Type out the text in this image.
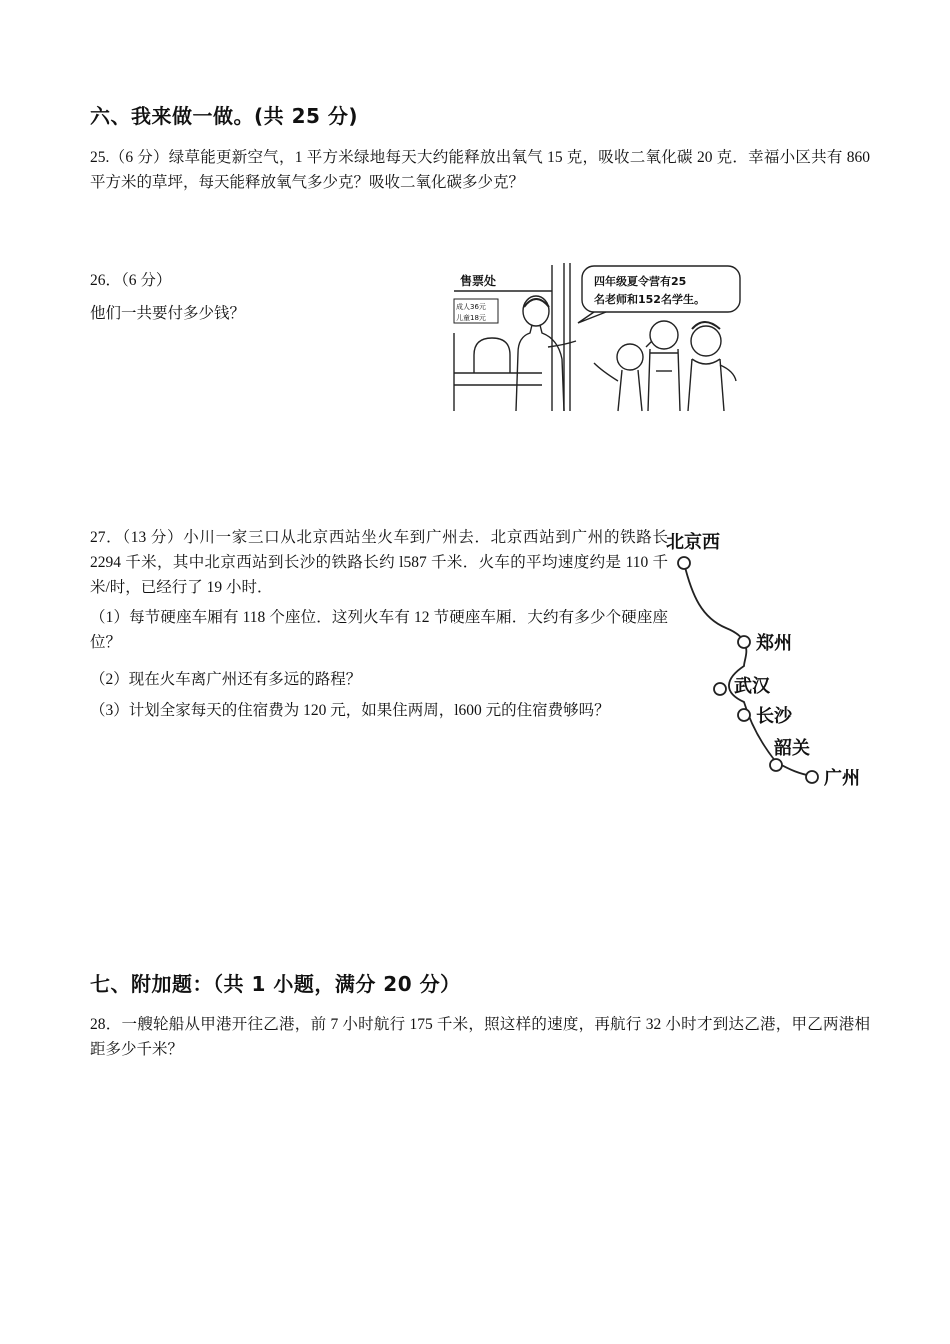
六、我来做一做。(共 25 分)
25.（6 分）绿草能更新空气，1 平方米绿地每天大约能释放出氧气 15 克，吸收二氧化碳 20 克．幸福小区共有 860 平方米的草坪，每天能释放氧气多少克？吸收二氧化碳多少克？
26．（6 分）
他们一共要付多少钱？
售票处
成人36元
儿童18元
四年级夏令营有25
名老师和152名学生。
27．（13 分）小川一家三口从北京西站坐火车到广州去．北京西站到广州的铁路长 2294 千米，其中北京西站到长沙的铁路长约 l587 千米．火车的平均速度约是 110 千米/时，已经行了 19 小时．
（1）每节硬座车厢有 118 个座位．这列火车有 12 节硬座车厢．大约有多少个硬座座位？
（2）现在火车离广州还有多远的路程？
（3）计划全家每天的住宿费为 120 元，如果住两周，l600 元的住宿费够吗？
北京西
郑州
武汉
长沙
韶关
广州
七、附加题：（共 1 小题，满分 20 分）
28．一艘轮船从甲港开往乙港，前 7 小时航行 175 千米，照这样的速度，再航行 32 小时才到达乙港，甲乙两港相距多少千米？
